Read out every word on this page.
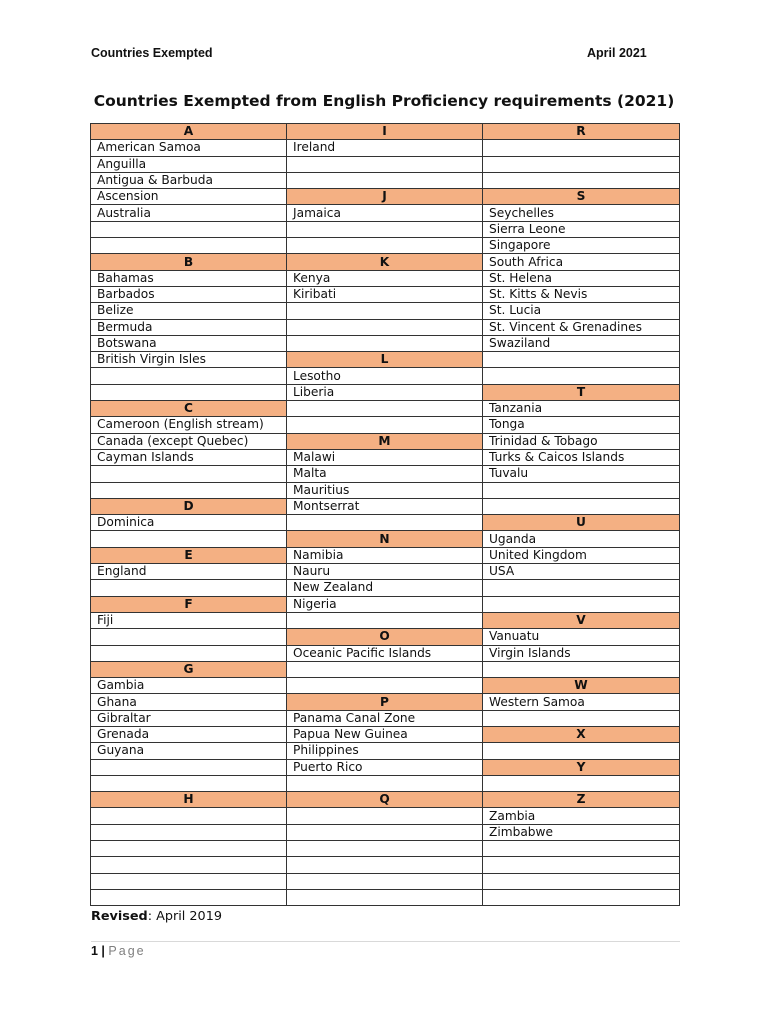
Countries Exempted	April 2021
Countries Exempted from English Proficiency requirements (2021)
A	I	R
American Samoa	Ireland	
Anguilla		
Antigua & Barbuda		
Ascension	J	S
Australia	Jamaica	Seychelles
		Sierra Leone
		Singapore
B	K	South Africa
Bahamas	Kenya	St. Helena
Barbados	Kiribati	St. Kitts & Nevis
Belize		St. Lucia
Bermuda		St. Vincent & Grenadines
Botswana		Swaziland
British Virgin Isles	L	
	Lesotho	
	Liberia	T
C		Tanzania
Cameroon (English stream)		Tonga
Canada (except Quebec)	M	Trinidad & Tobago
Cayman Islands	Malawi	Turks & Caicos Islands
	Malta	Tuvalu
	Mauritius	
D	Montserrat	
Dominica		U
	N	Uganda
E	Namibia	United Kingdom
England	Nauru	USA
	New Zealand	
F	Nigeria	
Fiji		V
	O	Vanuatu
	Oceanic Pacific Islands	Virgin Islands
G		
Gambia		W
Ghana	P	Western Samoa
Gibraltar	Panama Canal Zone	
Grenada	Papua New Guinea	X
Guyana	Philippines	
	Puerto Rico	Y

H	Q	Z
		Zambia
		Zimbabwe

Revised: April 2019
1 | Page
